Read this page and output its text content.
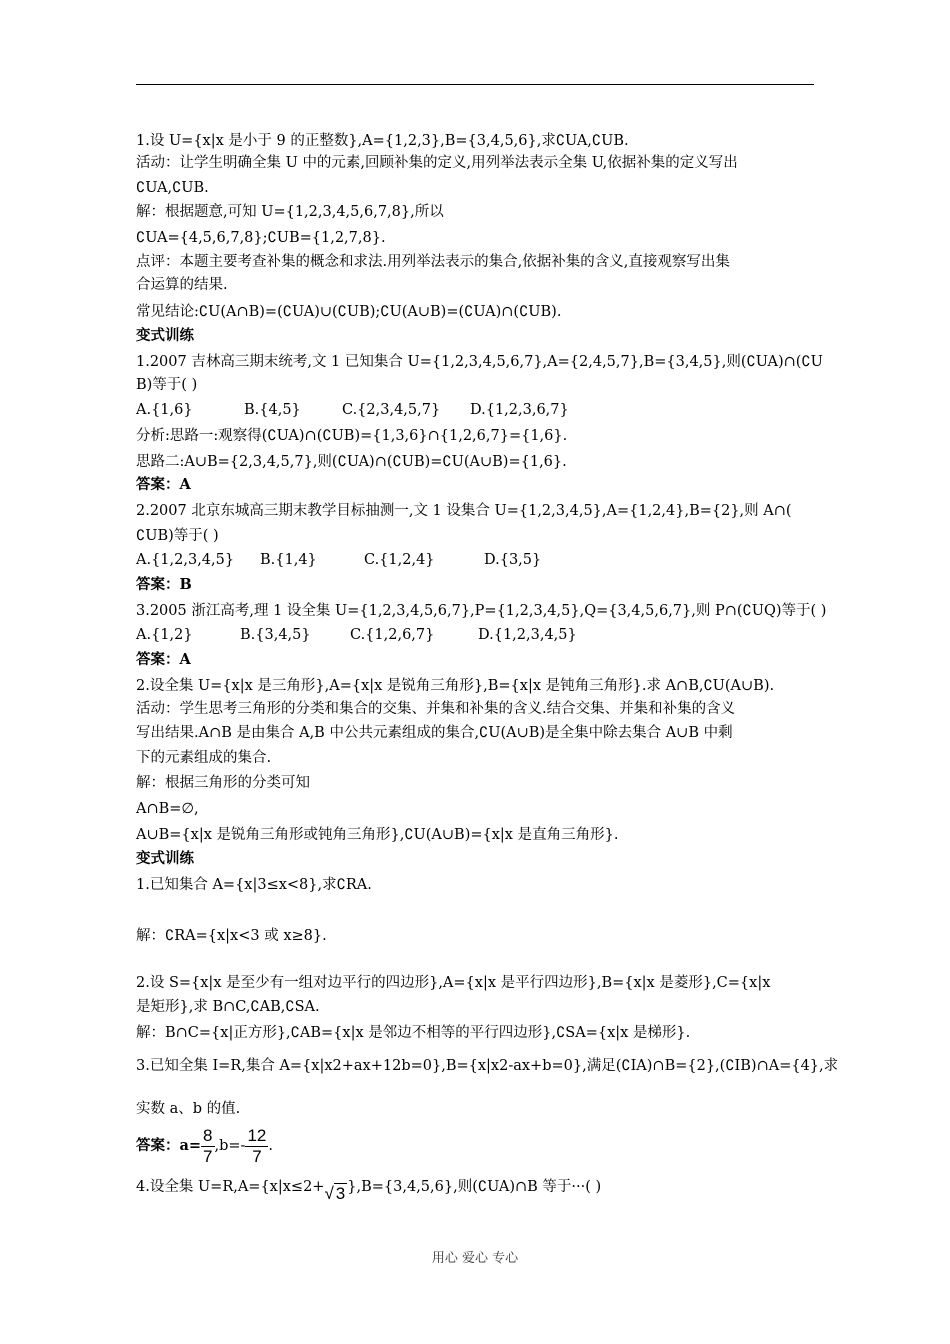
1.设 U={x|x 是小于 9 的正整数},A={1,2,3},B={3,4,5,6},求∁UA,∁UB.
活动：让学生明确全集 U 中的元素,回顾补集的定义,用列举法表示全集 U,依据补集的定义写出
∁UA,∁UB.
解：根据题意,可知 U={1,2,3,4,5,6,7,8},所以
∁UA={4,5,6,7,8};∁UB={1,2,7,8}.
点评：本题主要考查补集的概念和求法.用列举法表示的集合,依据补集的含义,直接观察写出集
合运算的结果.
常见结论:∁U(A∩B)=(∁UA)∪(∁UB);∁U(A∪B)=(∁UA)∩(∁UB).
变式训练
1.2007 吉林高三期末统考,文 1 已知集合 U={1,2,3,4,5,6,7},A={2,4,5,7},B={3,4,5},则(∁UA)∩(∁U
B)等于( )
A.{1,6}	B.{4,5}	C.{2,3,4,5,7} D.{1,2,3,6,7}
分析:思路一:观察得(∁UA)∩(∁UB)={1,3,6}∩{1,2,6,7}={1,6}.
思路二:A∪B={2,3,4,5,7},则(∁UA)∩(∁UB)=∁U(A∪B)={1,6}.
答案：A
2.2007 北京东城高三期末教学目标抽测一,文 1 设集合 U={1,2,3,4,5},A={1,2,4},B={2},则 A∩(
∁UB)等于( )
A.{1,2,3,4,5} B.{1,4}	C.{1,2,4}	D.{3,5}
答案：B
3.2005 浙江高考,理 1 设全集 U={1,2,3,4,5,6,7},P={1,2,3,4,5},Q={3,4,5,6,7},则 P∩(∁UQ)等于( )
A.{1,2}	B.{3,4,5}	C.{1,2,6,7}	D.{1,2,3,4,5}
答案：A
2.设全集 U={x|x 是三角形},A={x|x 是锐角三角形},B={x|x 是钝角三角形}.求 A∩B,∁U(A∪B).
活动：学生思考三角形的分类和集合的交集、并集和补集的含义.结合交集、并集和补集的含义
写出结果.A∩B 是由集合 A,B 中公共元素组成的集合,∁U(A∪B)是全集中除去集合 A∪B 中剩
下的元素组成的集合.
解：根据三角形的分类可知
A∩B=∅,
A∪B={x|x 是锐角三角形或钝角三角形},∁U(A∪B)={x|x 是直角三角形}.
变式训练
1.已知集合 A={x|3≤x<8},求∁RA.
解：∁RA={x|x<3 或 x≥8}.
2.设 S={x|x 是至少有一组对边平行的四边形},A={x|x 是平行四边形},B={x|x 是菱形},C={x|x
是矩形},求 B∩C,∁AB,∁SA.
解：B∩C={x|正方形},∁AB={x|x 是邻边不相等的平行四边形},∁SA={x|x 是梯形}.
3.已知全集 I=R,集合 A={x|x2+ax+12b=0},B={x|x2-ax+b=0},满足(∁IA)∩B={2},(∁IB)∩A={4},求
实数 a、b 的值.
答案：$a= \frac{8}{7} ,b=- \frac{12}{7}$ .
4.设全集 U=R,A={x|x≤2+√ 3 },B={3,4,5,6},则(∁UA)∩B 等于···( )
用心 爱心 专心
